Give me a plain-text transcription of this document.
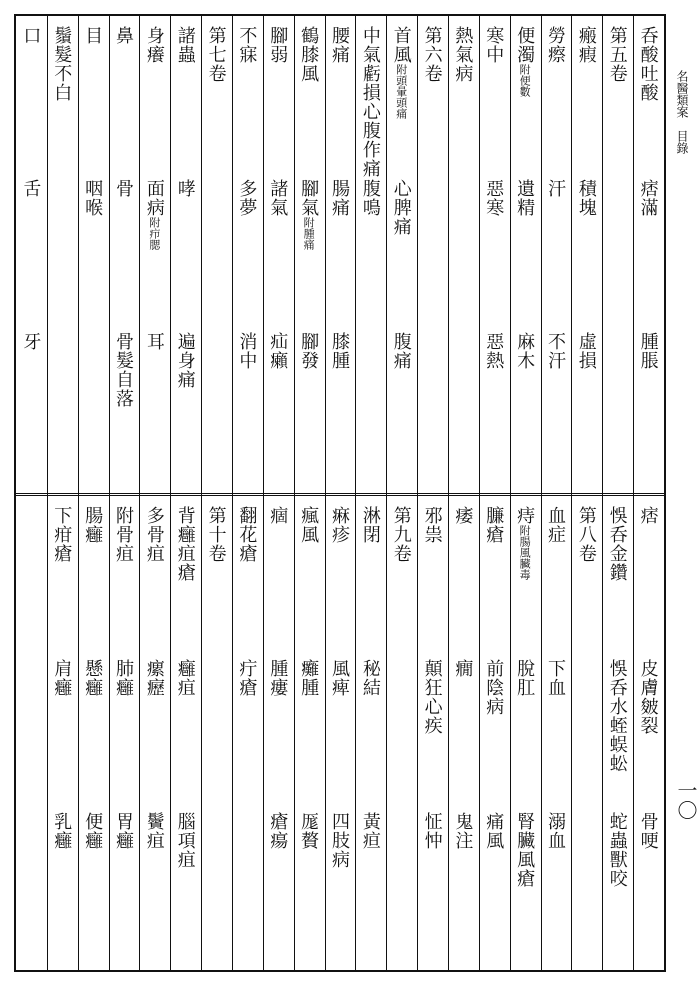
名醫類案　目錄
一〇
呑酸吐酸
痞滿
腫脹
痞
皮膚皴裂
骨哽
第五卷
悞呑金鑽
悞呑水蛭蜈蚣
蛇蟲獸咬
瘢瘕
積塊
虛損
第八卷
勞瘵
汗
不汗
血症
下血
溺血
便濁附便數
遺精
麻木
痔附腸風臟毒
脫肛
腎臟風瘡
寒中
惡寒
惡熱
臁瘡
前陰病
痛風
熱氣病
痿
癇
鬼注
第六卷
邪祟
顛狂心疾
怔忡
首風附頭暈頭痛
心脾痛
腹痛
第九卷
中氣虧損心腹作痛
腹鳴
淋閉
秘結
黃疸
腰痛
腸痛
膝腫
痳疹
風痺
四肢病
鶴膝風
腳氣附腫痛
腳發
瘋風
癱腫
厖贅
腳弱
諸氣
疝癩
痼
腫瘻
瘡瘍
不寐
多夢
消中
翻花瘡
疔瘡
第七卷
第十卷
諸蟲
哮
遍身痛
背癰疽瘡
癰疽
腦項疽
身癢
面病附疖腮
耳
多骨疽
瘰癧
鬢疽
鼻
骨
骨髮自落
附骨疽
肺癰
胃癰
目
咽喉
腸癰
懸癰
便癰
鬚髮不白
下疳瘡
肩癰
乳癰
口
舌
牙
